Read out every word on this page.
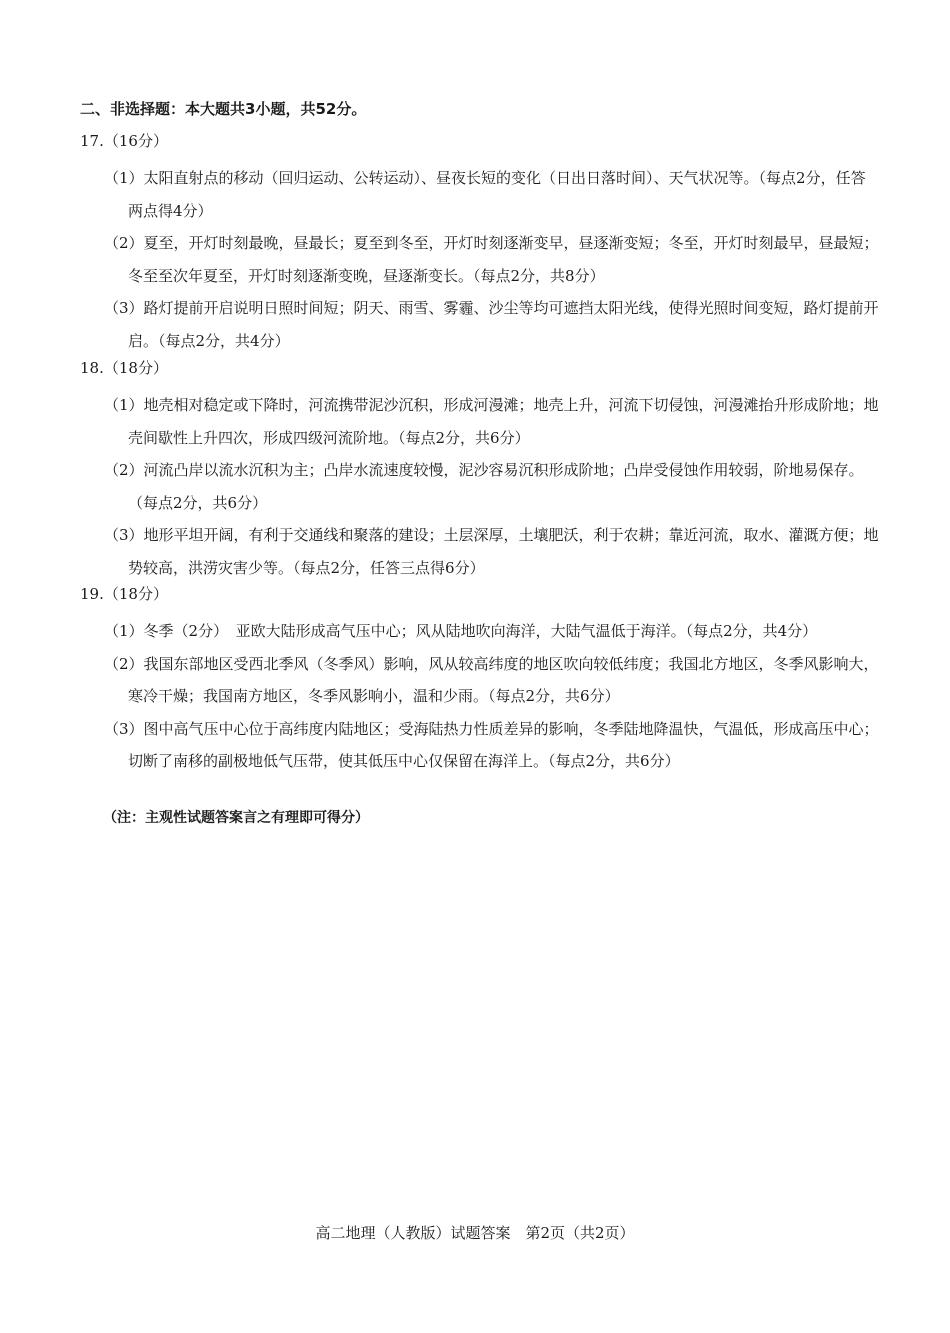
二、非选择题：本大题共3小题，共52分。
17.（16分）
（1）太阳直射点的移动（回归运动、公转运动）、昼夜长短的变化（日出日落时间）、天气状况等。（每点2分，任答两点得4分）
（2）夏至，开灯时刻最晚，昼最长；夏至到冬至，开灯时刻逐渐变早，昼逐渐变短；冬至，开灯时刻最早，昼最短；冬至至次年夏至，开灯时刻逐渐变晚，昼逐渐变长。（每点2分，共8分）
（3）路灯提前开启说明日照时间短；阴天、雨雪、雾霾、沙尘等均可遮挡太阳光线，使得光照时间变短，路灯提前开启。（每点2分，共4分）
18.（18分）
（1）地壳相对稳定或下降时，河流携带泥沙沉积，形成河漫滩；地壳上升，河流下切侵蚀，河漫滩抬升形成阶地；地壳间歇性上升四次，形成四级河流阶地。（每点2分，共6分）
（2）河流凸岸以流水沉积为主；凸岸水流速度较慢，泥沙容易沉积形成阶地；凸岸受侵蚀作用较弱，阶地易保存。（每点2分，共6分）
（3）地形平坦开阔，有利于交通线和聚落的建设；土层深厚，土壤肥沃，利于农耕；靠近河流，取水、灌溉方便；地势较高，洪涝灾害少等。（每点2分，任答三点得6分）
19.（18分）
（1）冬季（2分）　亚欧大陆形成高气压中心；风从陆地吹向海洋，大陆气温低于海洋。（每点2分，共4分）
（2）我国东部地区受西北季风（冬季风）影响，风从较高纬度的地区吹向较低纬度；我国北方地区，冬季风影响大，寒冷干燥；我国南方地区，冬季风影响小，温和少雨。（每点2分，共6分）
（3）图中高气压中心位于高纬度内陆地区；受海陆热力性质差异的影响，冬季陆地降温快，气温低，形成高压中心；切断了南移的副极地低气压带，使其低压中心仅保留在海洋上。（每点2分，共6分）
（注：主观性试题答案言之有理即可得分）
高二地理（人教版）试题答案　第2页（共2页）
